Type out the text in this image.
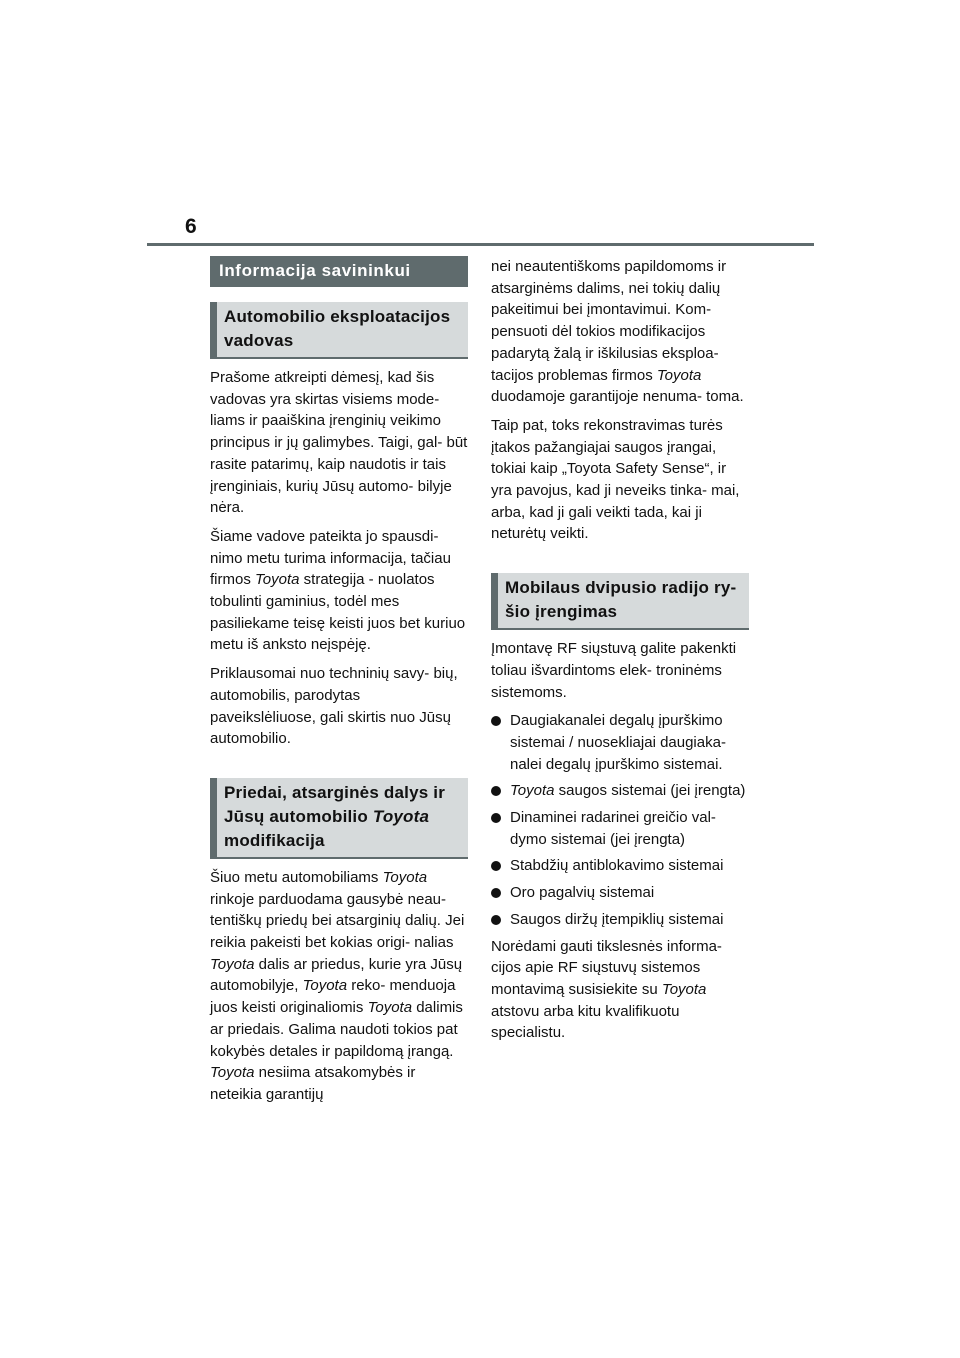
6
Informacija savininkui
Automobilio eksploatacijos vadovas

Prašome atkreipti dėmesį, kad šis vadovas yra skirtas visiems mode- liams ir paaiškina įrenginių veikimo principus ir jų galimybes. Taigi, gal- būt rasite patarimų, kaip naudotis ir tais įrenginiais, kurių Jūsų automo- bilyje nėra.

Šiame vadove pateikta jo spausdi- nimo metu turima informacija, tačiau firmos Toyota strategija - nuolatos tobulinti gaminius, todėl mes pasiliekame teisę keisti juos bet kuriuo metu iš anksto neįspėję.

Priklausomai nuo techninių savy- bių, automobilis, parodytas paveikslėliuose, gali skirtis nuo Jūsų automobilio.

Priedai, atsarginės dalys ir Jūsų automobilio Toyota modifikacija

Šiuo metu automobiliams Toyota rinkoje parduodama gausybė neau- tentiškų priedų bei atsarginių dalių. Jei reikia pakeisti bet kokias origi- nalias Toyota dalis ar priedus, kurie yra Jūsų automobilyje, Toyota reko- menduoja juos keisti originaliomis Toyota dalimis ar priedais. Galima naudoti tokios pat kokybės detales ir papildomą įrangą. Toyota nesiima atsakomybės ir neteikia garantijų

nei neautentiškoms papildomoms ir atsarginėms dalims, nei tokių dalių pakeitimui bei įmontavimui. Kom- pensuoti dėl tokios modifikacijos padarytą žalą ir iškilusias eksploa- tacijos problemas firmos Toyota duodamoje garantijoje nenuma- toma.

Taip pat, toks rekonstravimas turės įtakos pažangiajai saugos įrangai, tokiai kaip „Toyota Safety Sense“, ir yra pavojus, kad ji neveiks tinka- mai, arba, kad ji gali veikti tada, kai ji neturėtų veikti.

Mobilaus dvipusio radijo ry- šio įrengimas

Įmontavę RF siųstuvą galite pakenkti toliau išvardintoms elek- troninėms sistemoms.

Daugiakanalei degalų įpurškimo sistemai / nuosekliajai daugiaka- nalei degalų įpurškimo sistemai.
Toyota saugos sistemai (jei įrengta)
Dinaminei radarinei greičio val- dymo sistemai (jei įrengta)
Stabdžių antiblokavimo sistemai
Oro pagalvių sistemai
Saugos diržų įtempiklių sistemai

Norėdami gauti tikslesnės informa- cijos apie RF siųstuvų sistemos montavimą susisiekite su Toyota atstovu arba kitu kvalifikuotu specialistu.
